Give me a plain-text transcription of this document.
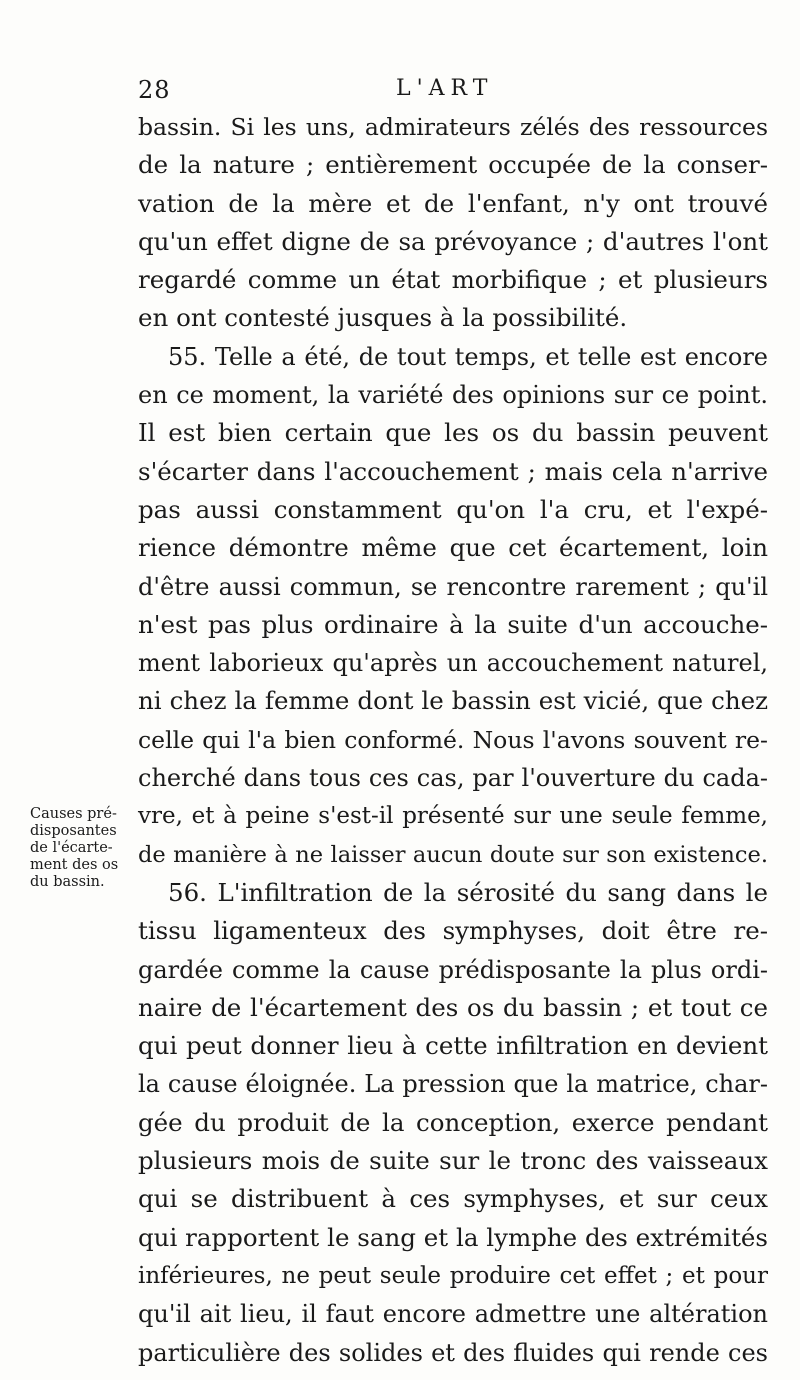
28	L'ART
Causes pré-
disposantes
de l'écarte-
ment des os
du bassin.
bassin. Si les uns, admirateurs zélés des ressources
de la nature ; entièrement occupée de la conser-
vation de la mère et de l'enfant, n'y ont trouvé
qu'un effet digne de sa prévoyance ; d'autres l'ont
regardé comme un état morbifique ; et plusieurs
en ont contesté jusques à la possibilité.
55. Telle a été, de tout temps, et telle est encore
en ce moment, la variété des opinions sur ce point.
Il est bien certain que les os du bassin peuvent
s'écarter dans l'accouchement ; mais cela n'arrive
pas aussi constamment qu'on l'a cru, et l'expé-
rience démontre même que cet écartement, loin
d'être aussi commun, se rencontre rarement ; qu'il
n'est pas plus ordinaire à la suite d'un accouche-
ment laborieux qu'après un accouchement naturel,
ni chez la femme dont le bassin est vicié, que chez
celle qui l'a bien conformé. Nous l'avons souvent re-
cherché dans tous ces cas, par l'ouverture du cada-
vre, et à peine s'est-il présenté sur une seule femme,
de manière à ne laisser aucun doute sur son existence.
56. L'infiltration de la sérosité du sang dans le
tissu ligamenteux des symphyses, doit être re-
gardée comme la cause prédisposante la plus ordi-
naire de l'écartement des os du bassin ; et tout ce
qui peut donner lieu à cette infiltration en devient
la cause éloignée. La pression que la matrice, char-
gée du produit de la conception, exerce pendant
plusieurs mois de suite sur le tronc des vaisseaux
qui se distribuent à ces symphyses, et sur ceux
qui rapportent le sang et la lymphe des extrémités
inférieures, ne peut seule produire cet effet ; et pour
qu'il ait lieu, il faut encore admettre une altération
particulière des solides et des fluides qui rende ces
